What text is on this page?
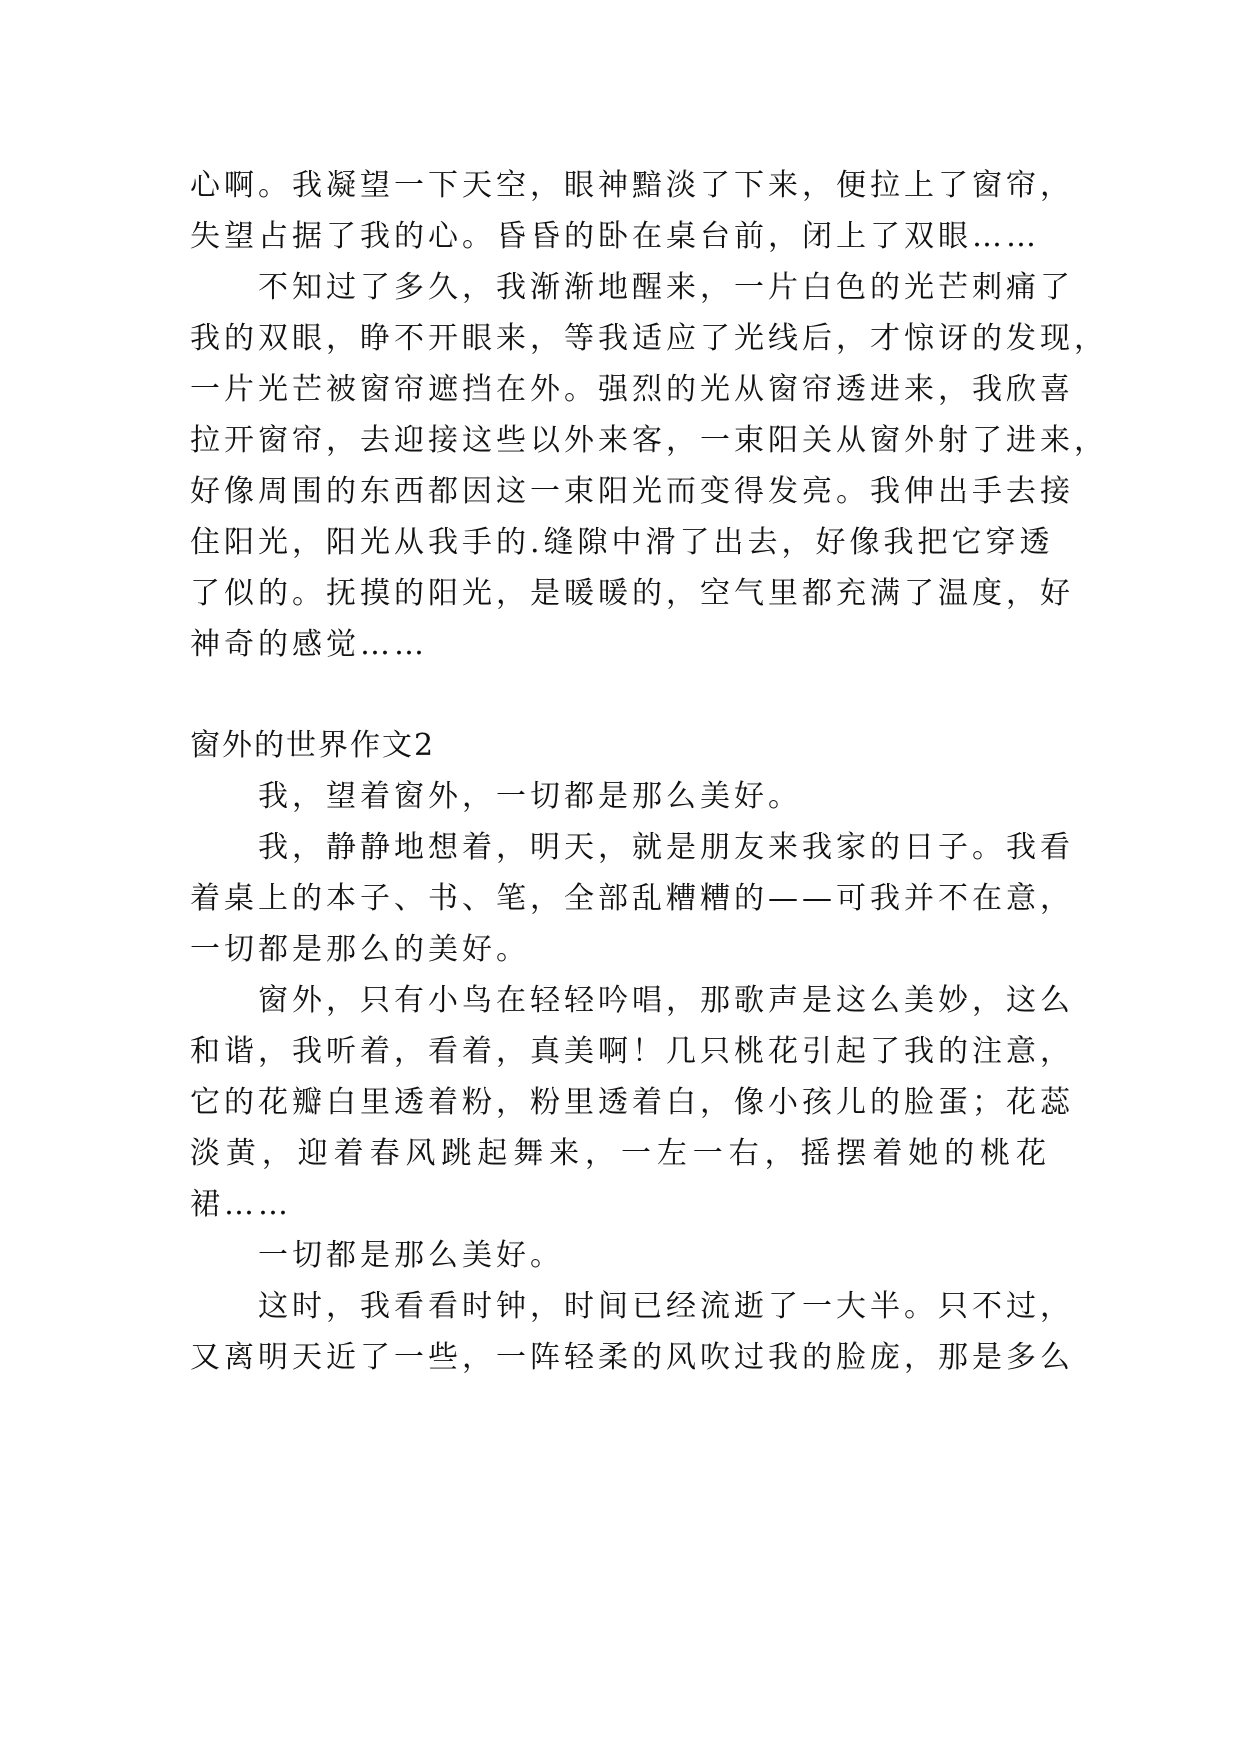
心啊。我凝望一下天空，眼神黯淡了下来，便拉上了窗帘，
失望占据了我的心。昏昏的卧在桌台前，闭上了双眼……
不知过了多久，我渐渐地醒来，一片白色的光芒刺痛了
我的双眼，睁不开眼来，等我适应了光线后，才惊讶的发现，
一片光芒被窗帘遮挡在外。强烈的光从窗帘透进来，我欣喜
拉开窗帘，去迎接这些以外来客，一束阳关从窗外射了进来，
好像周围的东西都因这一束阳光而变得发亮。我伸出手去接
住阳光，阳光从我手的.缝隙中滑了出去，好像我把它穿透
了似的。抚摸的阳光，是暖暖的，空气里都充满了温度，好
神奇的感觉……
窗外的世界作文2
我，望着窗外，一切都是那么美好。
我，静静地想着，明天，就是朋友来我家的日子。我看
着桌上的本子、书、笔，全部乱糟糟的——可我并不在意，
一切都是那么的美好。
窗外，只有小鸟在轻轻吟唱，那歌声是这么美妙，这么
和谐，我听着，看着，真美啊！几只桃花引起了我的注意，
它的花瓣白里透着粉，粉里透着白，像小孩儿的脸蛋；花蕊
淡黄，迎着春风跳起舞来，一左一右，摇摆着她的桃花
裙……
一切都是那么美好。
这时，我看看时钟，时间已经流逝了一大半。只不过，
又离明天近了一些，一阵轻柔的风吹过我的脸庞，那是多么
